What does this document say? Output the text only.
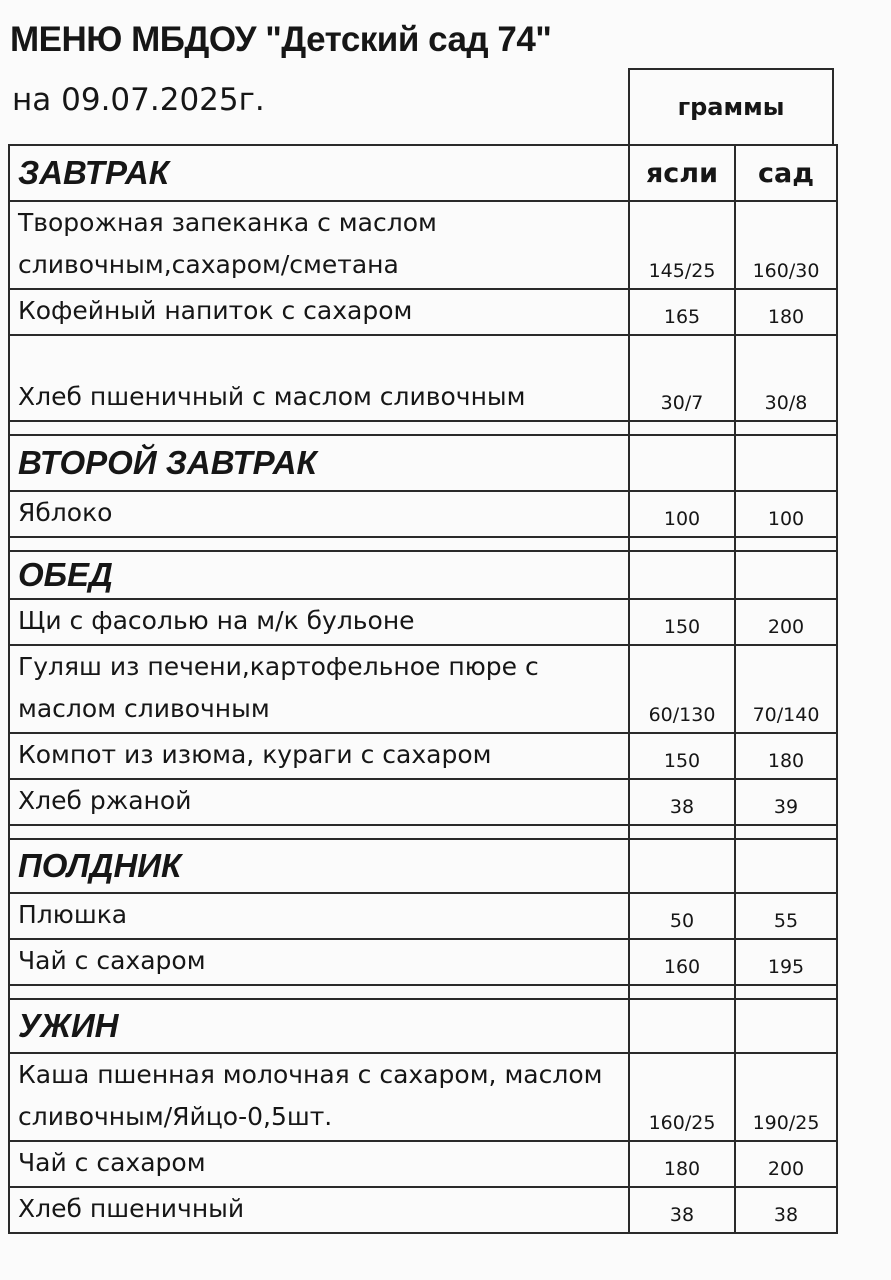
МЕНЮ МБДОУ "Детский сад 74"
на 09.07.2025г.	граммы
ЗАВТРАК	ясли	сад
Творожная запеканка с маслом сливочным,сахаром/сметана	145/25	160/30
Кофейный напиток с сахаром	165	180
Хлеб пшеничный с маслом сливочным	30/7	30/8

ВТОРОЙ ЗАВТРАК		
Яблоко	100	100

ОБЕД		
Щи с фасолью на м/к бульоне	150	200
Гуляш из печени,картофельное пюре с маслом сливочным	60/130	70/140
Компот из изюма, кураги с сахаром	150	180
Хлеб ржаной	38	39

ПОЛДНИК		
Плюшка	50	55
Чай с сахаром	160	195

УЖИН		
Каша пшенная молочная с сахаром, маслом сливочным/Яйцо-0,5шт.	160/25	190/25
Чай с сахаром	180	200
Хлеб пшеничный	38	38
